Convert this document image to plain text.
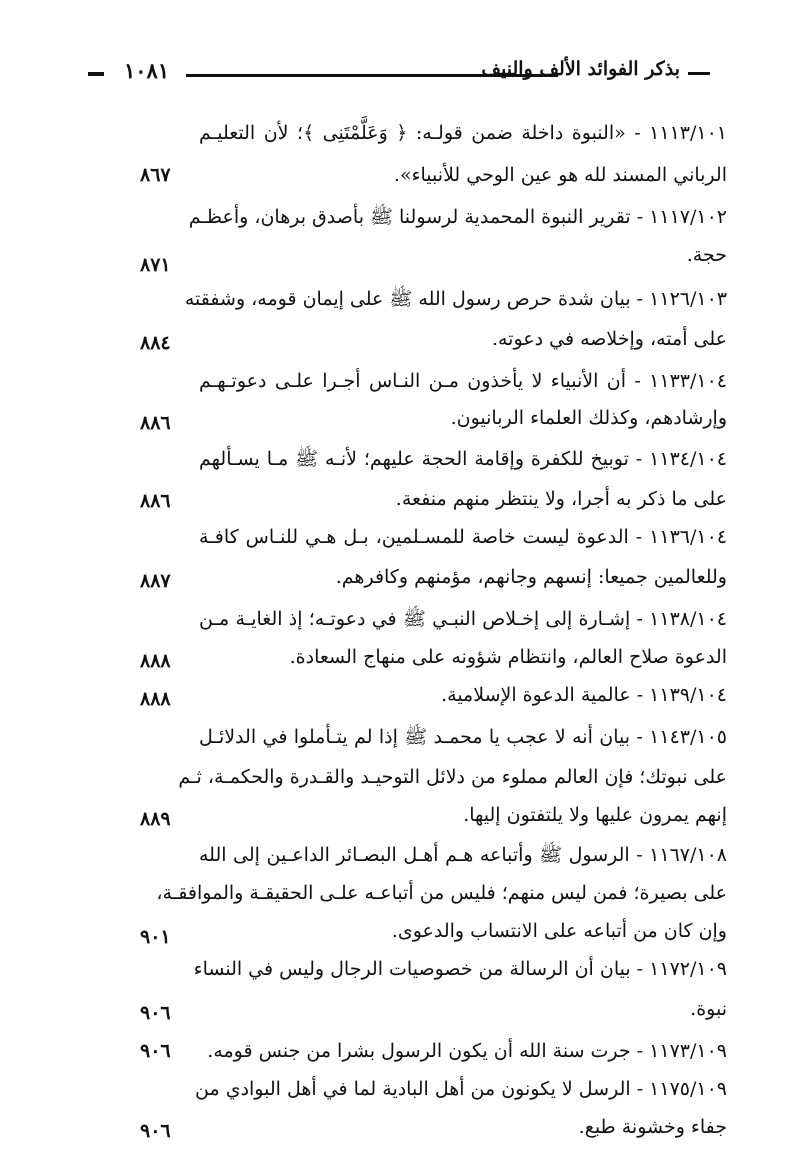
١٠٨١	بذكر الفوائد الألف والنيف
١١١٣/١٠١ - «النبوة داخلة ضمن قولـه: ﴿ وَعَلَّمْتَنِى ﴾؛ لأن التعليـم
الرباني المسند لله هو عين الوحي للأنبياء».
٨٦٧
١١١٧/١٠٢ - تقرير النبوة المحمدية لرسولنا ﷺ بأصدق برهان، وأعظـم
حجة.
٨٧١
١١٢٦/١٠٣ - بيان شدة حرص رسول الله ﷺ على إيمان قومه، وشفقته
على أمته، وإخلاصه في دعوته.
٨٨٤
١١٣٣/١٠٤ - أن الأنبياء لا يأخذون مـن النـاس أجـرا علـى دعوتـهـم
وإرشادهم، وكذلك العلماء الربانيون.
٨٨٦
١١٣٤/١٠٤ - توبيخ للكفرة وإقامة الحجة عليهم؛ لأنـه ﷺ مـا يسـألهم
على ما ذكر به أجرا، ولا ينتظر منهم منفعة.
٨٨٦
١١٣٦/١٠٤ - الدعوة ليست خاصة للمسـلمين، بـل هـي للنـاس كافـة
وللعالمين جميعا: إنسهم وجانهم، مؤمنهم وكافرهم.
٨٨٧
١١٣٨/١٠٤ - إشـارة إلى إخـلاص النبـي ﷺ في دعوتـه؛ إذ الغايـة مـن
الدعوة صلاح العالم، وانتظام شؤونه على منهاج السعادة.
٨٨٨
١١٣٩/١٠٤ - عالمية الدعوة الإسلامية.
٨٨٨
١١٤٣/١٠٥ - بيان أنه لا عجب يا محمـد ﷺ إذا لم يتـأملوا في الدلائـل
على نبوتك؛ فإن العالم مملوء من دلائل التوحيـد والقـدرة والحكمـة، ثـم
إنهم يمرون عليها ولا يلتفتون إليها.
٨٨٩
١١٦٧/١٠٨ - الرسول ﷺ وأتباعه هـم أهـل البصـائر الداعـين إلى الله
على بصيرة؛ فمن ليس منهم؛ فليس من أتباعـه علـى الحقيقـة والموافقـة،
وإن كان من أتباعه على الانتساب والدعوى.
٩٠١
١١٧٢/١٠٩ - بيان أن الرسالة من خصوصيات الرجال وليس في النساء
نبوة.
٩٠٦
١١٧٣/١٠٩ - جرت سنة الله أن يكون الرسول بشرا من جنس قومه.
٩٠٦
١١٧٥/١٠٩ - الرسل لا يكونون من أهل البادية لما في أهل البوادي من
جفاء وخشونة طبع.
٩٠٦
